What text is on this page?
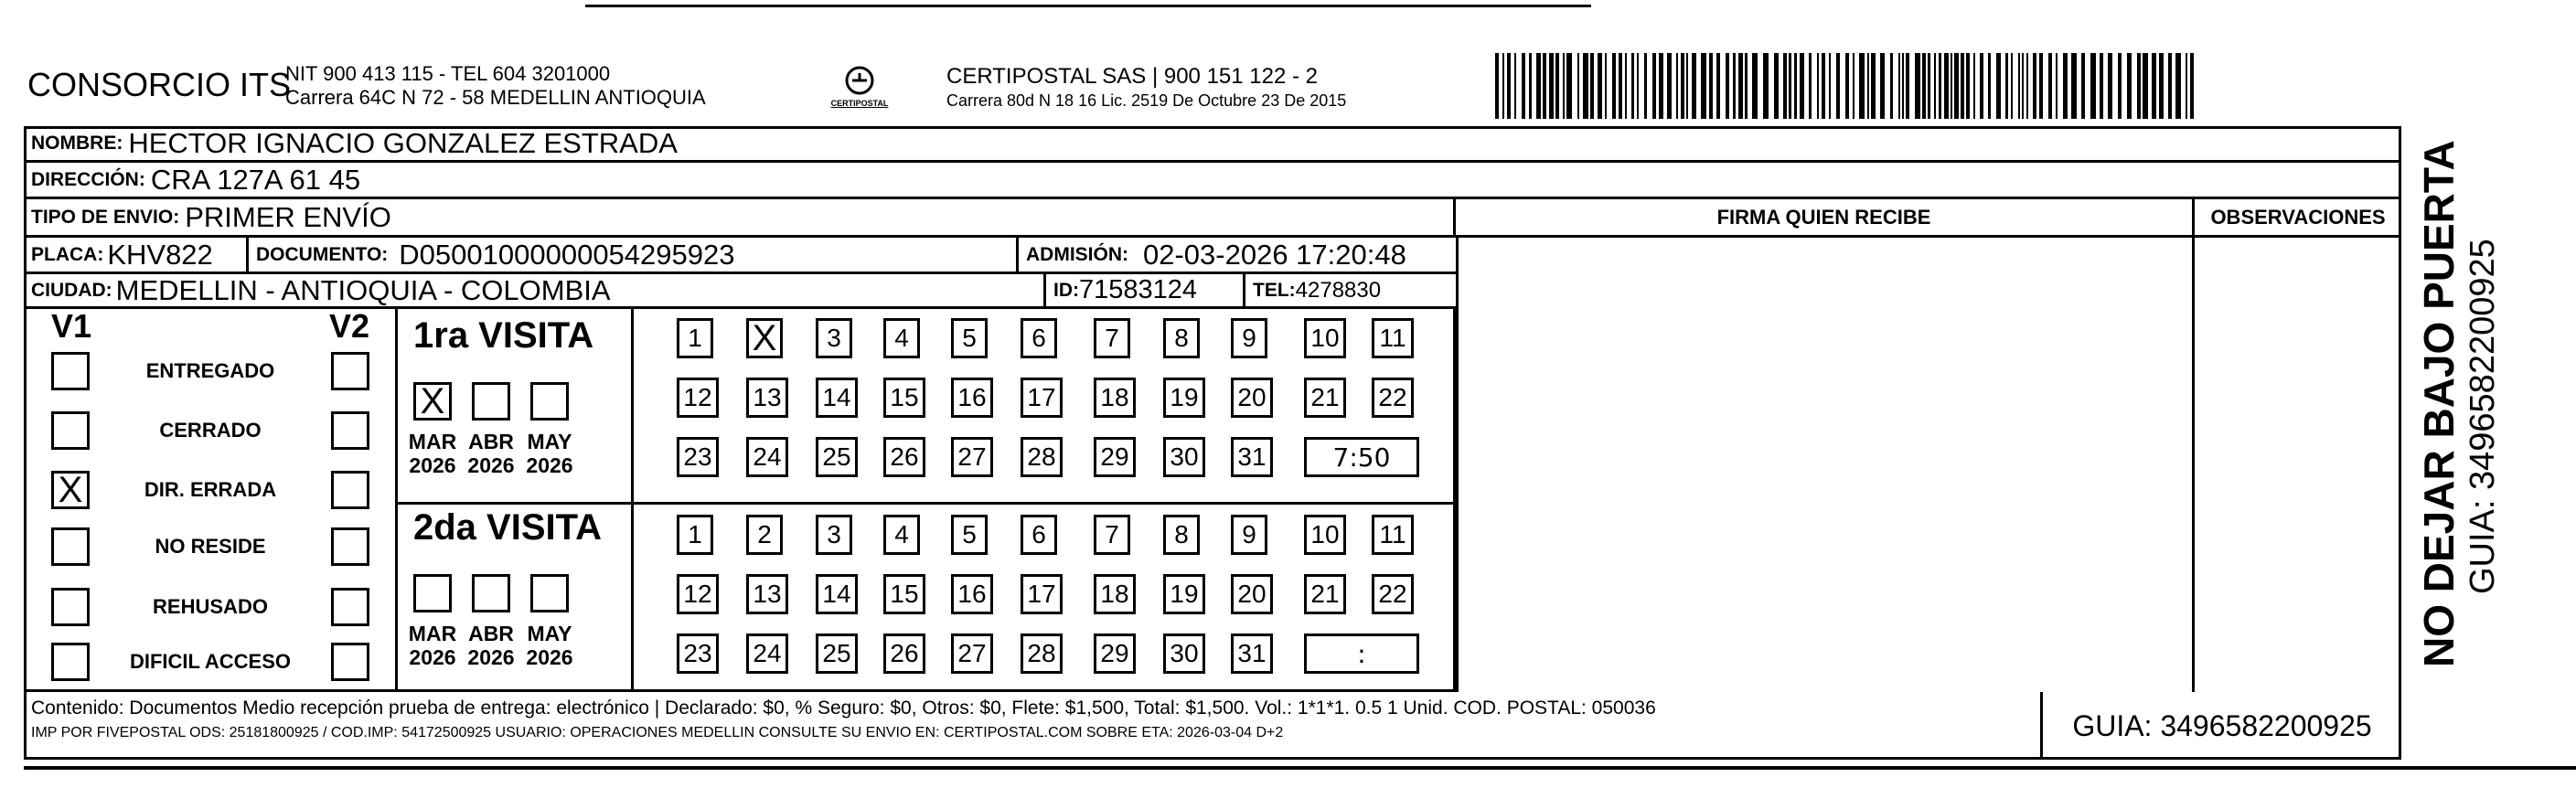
CONSORCIO ITS
NIT 900 413 115 - TEL 604 3201000
Carrera 64C N 72 - 58 MEDELLIN ANTIOQUIA	CERTIPOSTAL
CERTIPOSTAL SAS | 900 151 122 - 2
Carrera 80d N 18 16 Lic. 2519 De Octubre 23 De 2015
NOMBRE: HECTOR IGNACIO GONZALEZ ESTRADA
DIRECCIÓN: CRA 127A 61 45
TIPO DE ENVIO: PRIMER ENVÍO	FIRMA QUIEN RECIBE	OBSERVACIONES
PLACA: KHV822 DOCUMENTO: D05001000000054295923	ADMISIÓN: 02-03-2026 17:20:48
CIUDAD: MEDELLIN - ANTIOQUIA - COLOMBIA	ID: 71583124	TEL: 4278830
V1	V2
ENTREGADO
CERRADO
X	DIR. ERRADA
NO RESIDE
REHUSADO
DIFICIL ACCESO
1ra VISITA
2da VISITA
X
MAR
2026
ABR
2026
MAY
2026
MAR
2026
ABR
2026
MAY
2026
1	X	3	4	5	6	7	8	9	10	11
12 13 14 15 16 17 18 19 20 21 22
23 24 25 26 27 28 29 30 31	7:50
1	2	3	4	5	6	7	8	9	10	11
12 13 14 15 16 17 18 19 20 21 22
23 24 25 26 27 28 29 30 31	:
Contenido: Documentos Medio recepción prueba de entrega: electrónico | Declarado: $0, % Seguro: $0, Otros: $0, Flete: $1,500, Total: $1,500. Vol.: 1*1*1. 0.5 1 Unid. COD. POSTAL: 050036
IMP POR FIVEPOSTAL ODS: 25181800925 / COD.IMP: 54172500925 USUARIO: OPERACIONES MEDELLIN CONSULTE SU ENVIO EN: CERTIPOSTAL.COM SOBRE ETA: 2026-03-04 D+2	GUIA: 3496582200925
NO DEJAR BAJO PUERTA GUIA: 3496582200925
